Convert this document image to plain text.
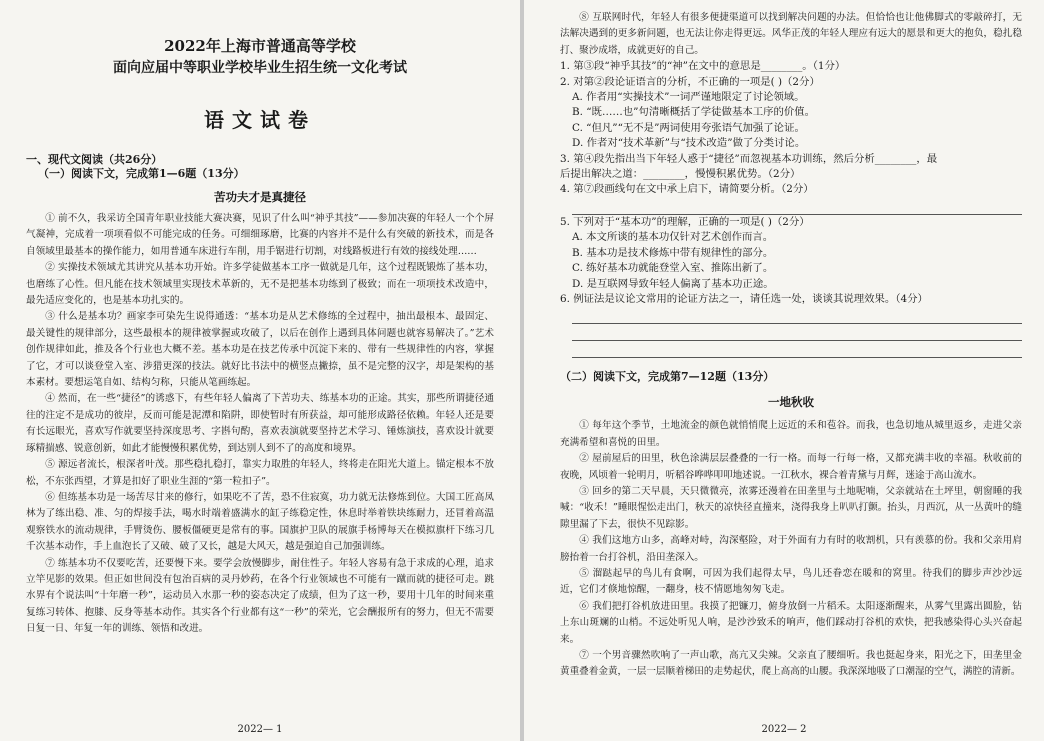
2022年上海市普通高等学校

面向应届中等职业学校毕业生招生统一文化考试

语文试卷

一、现代文阅读（共26分）

（一）阅读下文，完成第1—6题（13分）

苦功夫才是真捷径

① 前不久，我采访全国青年职业技能大赛决赛，见识了什么叫“神乎其技”——参加决赛的年轻人一个个屏气凝神，完成着一项项看似不可能完成的任务。可细细琢磨，比赛的内容并不是什么有突破的新技术，而是各自领域里最基本的操作能力，如用普通车床进行车削，用手锯进行切割，对线路板进行有效的接线处理……

② 实操技术领域尤其讲究从基本功开始。许多学徒做基本工序一做就是几年，这个过程既锻炼了基本功，也磨练了心性。但凡能在技术领域里实现技术革新的，无不是把基本功练到了极致；而在一项项技术改造中，最先适应变化的，也是基本功扎实的。

③ 什么是基本功？画家李可染先生说得通透：“基本功是从艺术修练的全过程中，抽出最根本、最固定、最关键性的规律部分，这些最根本的规律被掌握或攻破了，以后在创作上遇到具体问题也就容易解决了。”艺术创作规律如此，推及各个行业也大概不差。基本功是在技艺传承中沉淀下来的、带有一些规律性的内容，掌握了它，才可以谈登堂入室、涉猎更深的技法。就好比书法中的横竖点撇捺，虽不是完整的汉字，却是架构的基本素材。要想运笔自如、结构匀称，只能从笔画练起。

④ 然而，在一些“捷径”的诱惑下，有些年轻人偏离了下苦功夫、练基本功的正途。其实，那些所谓捷径通往的注定不是成功的彼岸，反而可能是泥潭和陷阱，即使暂时有所获益，却可能形成路径依赖。年轻人还是要有长远眼光，喜欢写作就要坚持深度思考、字斟句酌，喜欢表演就要坚持艺术学习、锤炼演技，喜欢设计就要琢精揣感、锐意创新，如此才能慢慢积累优势，到达别人到不了的高度和境界。

⑤ 源远者流长，根深者叶茂。那些稳扎稳打，靠实力取胜的年轻人，终将走在阳光大道上。锚定根本不放松，不东张西望，才算是扣好了职业生涯的“第一粒扣子”。

⑥ 但练基本功是一场苦尽甘来的修行，如果吃不了苦，恐不住寂寞，功力就无法修炼到位。大国工匠高凤林为了练出稳、准、匀的焊接手法，喝水时端着盛满水的缸子练稳定性，休息时举着铁块练耐力，还冒着高温观察铁水的流动规律，手臂烫伤、腰板僵硬更是常有的事。国旗护卫队的展旗手杨博每天在模拟旗杆下练习几千次基本动作，手上血泡长了又破、破了又长，越是大风天，越是强迫自己加强训练。

⑦ 练基本功不仅要吃苦，还要慢下来。要学会放慢脚步，耐住性子。年轻人容易有急于求成的心理，追求立竿见影的效果。但正如世间没有包治百病的灵丹妙药，在各个行业领域也不可能有一蹴而就的捷径可走。跳水界有个说法叫“十年磨一秒”，运动员入水那一秒的姿态决定了成绩，但为了这一秒，要用十几年的时间来重复练习转体、抱膝、反身等基本动作。其实各个行业都有这“一秒”的荣光，它会酬报所有的努力，但无不需要日复一日、年复一年的训练、领悟和改进。

2022— 1

⑧ 互联网时代，年轻人有很多便捷渠道可以找到解决问题的办法。但恰恰也让他佛脚式的零敲碎打，无法解决遇到的更多新问题，也无法让你走得更远。风华正茂的年轻人理应有远大的愿景和更大的抱负，稳扎稳打、聚沙成塔，成就更好的自己。

1. 第③段“神乎其技”的“神”在文中的意思是________。（1分）

2. 对第②段论证语言的分析，不正确的一项是( )（2分）

A. 作者用“实操技术”一词严谨地限定了讨论领域。

B. “既……也”句清晰概括了学徒做基本工序的价值。

C. “但凡”“无不是”两词使用夸张语气加强了论证。

D. 作者对“技术革新”与“技术改造”做了分类讨论。

3. 第④段先指出当下年轻人惑于“捷径”而忽视基本功训练，然后分析________，最

后提出解决之道：________，慢慢积累优势。（2分）

4. 第⑦段画线句在文中承上启下，请简要分析。（2分）

5. 下列对于“基本功”的理解，正确的一项是( )（2分）

A. 本文所谈的基本功仅针对艺术创作而言。

B. 基本功是技术修炼中带有规律性的部分。

C. 练好基本功就能登堂入室、推陈出新了。

D. 是互联网导致年轻人偏离了基本功正途。

6. 例证法是议论文常用的论证方法之一，请任选一处，谈谈其说理效果。（4分）

（二）阅读下文，完成第7—12题（13分）

一地秋收

① 每年这个季节，土地流金的颜色就悄悄爬上远近的禾和苞谷。而我，也急切地从城里返乡，走进父亲充满希望和喜悦的田里。

② 屋前屋后的田里，秋色涂满层层叠叠的一行一格。而每一行每一格，又都充满丰收的幸福。秋收前的夜晚，风顷着一轮明月，听稻谷哗哗叩叩地述说。一江秋水，裸合着青黛与月辉，迷途于高山流水。

③ 回乡的第二天早晨，天只微微亮，浓雾还漫着在田垄里与土地呢喃，父亲就站在土坪里，朝窗睡的我喊：“收禾！”睡眼惺忪走出门，秋天的凉快径直撞来，浇得我身上叭叭打颤。抬头，月西沉，从一丛黄叶的缝隙里漏了下去，很快不见踪影。

④ 我们这地方山多，高峰对峙，沟深壑险，对于外面有力有时的收割机，只有羡慕的份。我和父亲用肩膀抬着一台打谷机，沿田垄深入。

⑤ 溜跶起早的鸟儿有食啊，可因为我们起得太早，鸟儿还眷恋在暖和的窝里。待我们的脚步声沙沙远近，它们才倏地惊醒，一翻身，枝不情愿地匆匆飞走。

⑥ 我们把打谷机放进田里。我摸了把镰刀，俯身放倒一片稻禾。太阳逐渐醒来，从雾气里露出圆脸，钻上东山斑斓的山梢。不远处听见人响，是沙沙致禾的响声，他们踩动打谷机的欢快，把我感染得心头兴奋起来。

⑦ 一个男音骤然吹响了一声山歌，高亢又尖辣。父亲直了腰细听。我也挺起身来，阳光之下，田垄里金黄重叠着金黄，一层一层顺着梯田的走势起伏，爬上高高的山腰。我深深地吸了口潮湿的空气，满腔的清新。

2022— 2
